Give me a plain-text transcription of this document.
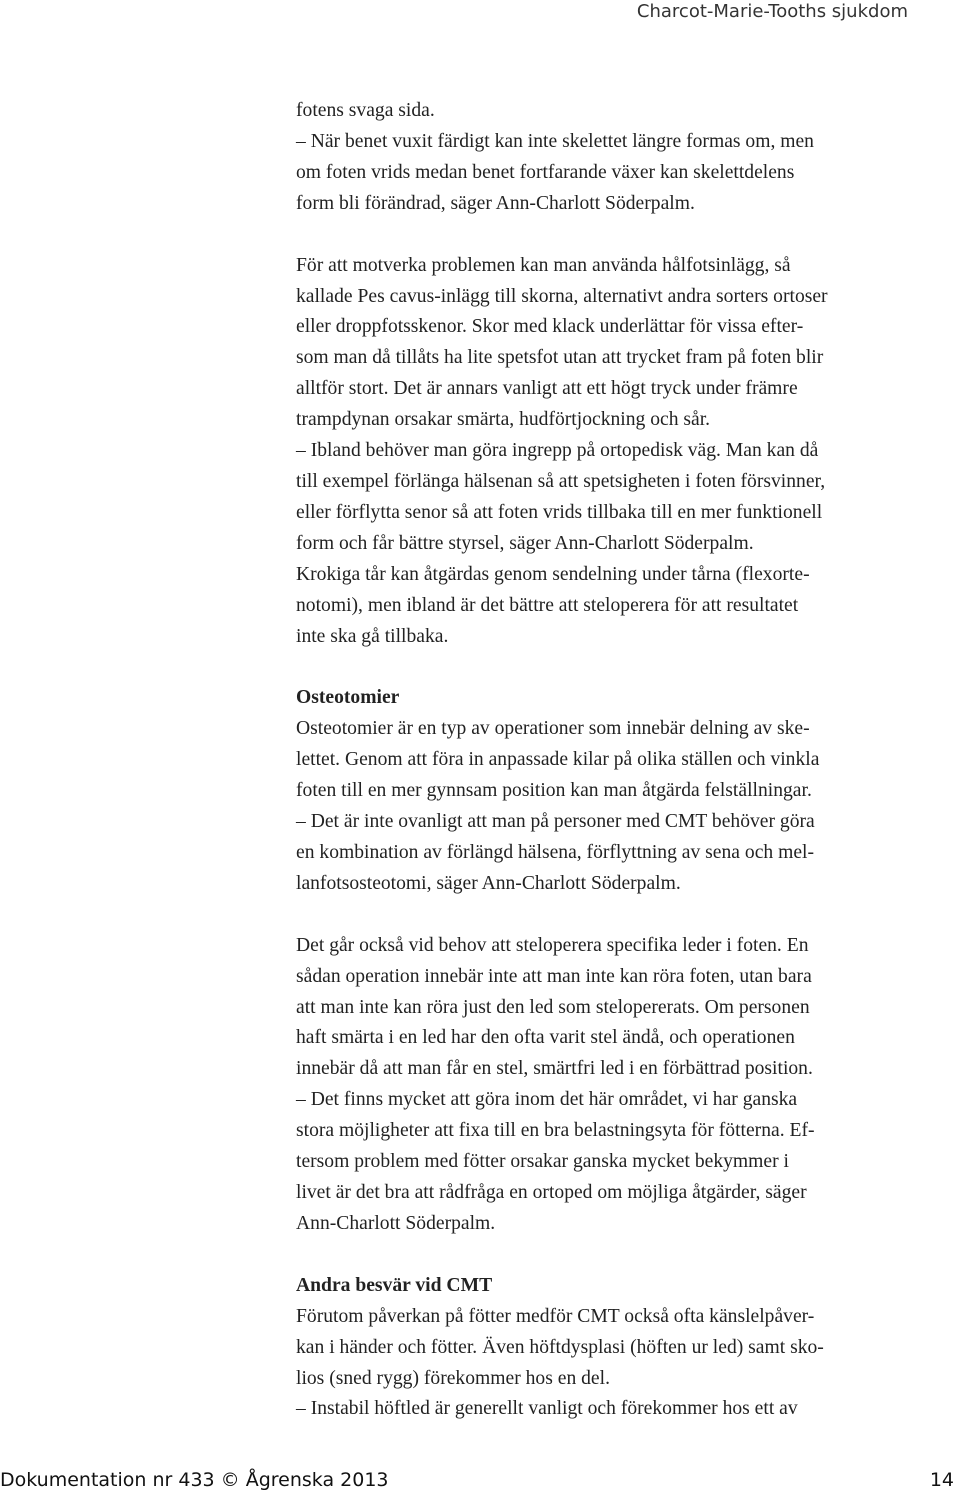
Charcot-Marie-Tooths sjukdom

fotens svaga sida.
– När benet vuxit färdigt kan inte skelettet längre formas om, men
om foten vrids medan benet fortfarande växer kan skelettdelens
form bli förändrad, säger Ann-Charlott Söderpalm.

För att motverka problemen kan man använda hålfotsinlägg, så
kallade Pes cavus-inlägg till skorna, alternativt andra sorters ortoser
eller droppfotsskenor. Skor med klack underlättar för vissa efter-
som man då tillåts ha lite spetsfot utan att trycket fram på foten blir
alltför stort. Det är annars vanligt att ett högt tryck under främre
trampdynan orsakar smärta, hudförtjockning och sår.
– Ibland behöver man göra ingrepp på ortopedisk väg. Man kan då
till exempel förlänga hälsenan så att spetsigheten i foten försvinner,
eller förflytta senor så att foten vrids tillbaka till en mer funktionell
form och får bättre styrsel, säger Ann-Charlott Söderpalm.
Krokiga tår kan åtgärdas genom sendelning under tårna (flexorte-
notomi), men ibland är det bättre att steloperera för att resultatet
inte ska gå tillbaka.

Osteotomier

Osteotomier är en typ av operationer som innebär delning av ske-
lettet. Genom att föra in anpassade kilar på olika ställen och vinkla
foten till en mer gynnsam position kan man åtgärda felställningar.
– Det är inte ovanligt att man på personer med CMT behöver göra
en kombination av förlängd hälsena, förflyttning av sena och mel-
lanfotsosteotomi, säger Ann-Charlott Söderpalm.

Det går också vid behov att steloperera specifika leder i foten. En
sådan operation innebär inte att man inte kan röra foten, utan bara
att man inte kan röra just den led som stelopererats. Om personen
haft smärta i en led har den ofta varit stel ändå, och operationen
innebär då att man får en stel, smärtfri led i en förbättrad position.
– Det finns mycket att göra inom det här området, vi har ganska
stora möjligheter att fixa till en bra belastningsyta för fötterna. Ef-
tersom problem med fötter orsakar ganska mycket bekymmer i
livet är det bra att rådfråga en ortoped om möjliga åtgärder, säger
Ann-Charlott Söderpalm.

Andra besvär vid CMT

Förutom påverkan på fötter medför CMT också ofta känslelpåver-
kan i händer och fötter. Även höftdysplasi (höften ur led) samt sko-
lios (sned rygg) förekommer hos en del.
– Instabil höftled är generellt vanligt och förekommer hos ett av

Dokumentation nr 433 © Ågrenska 2013	14
